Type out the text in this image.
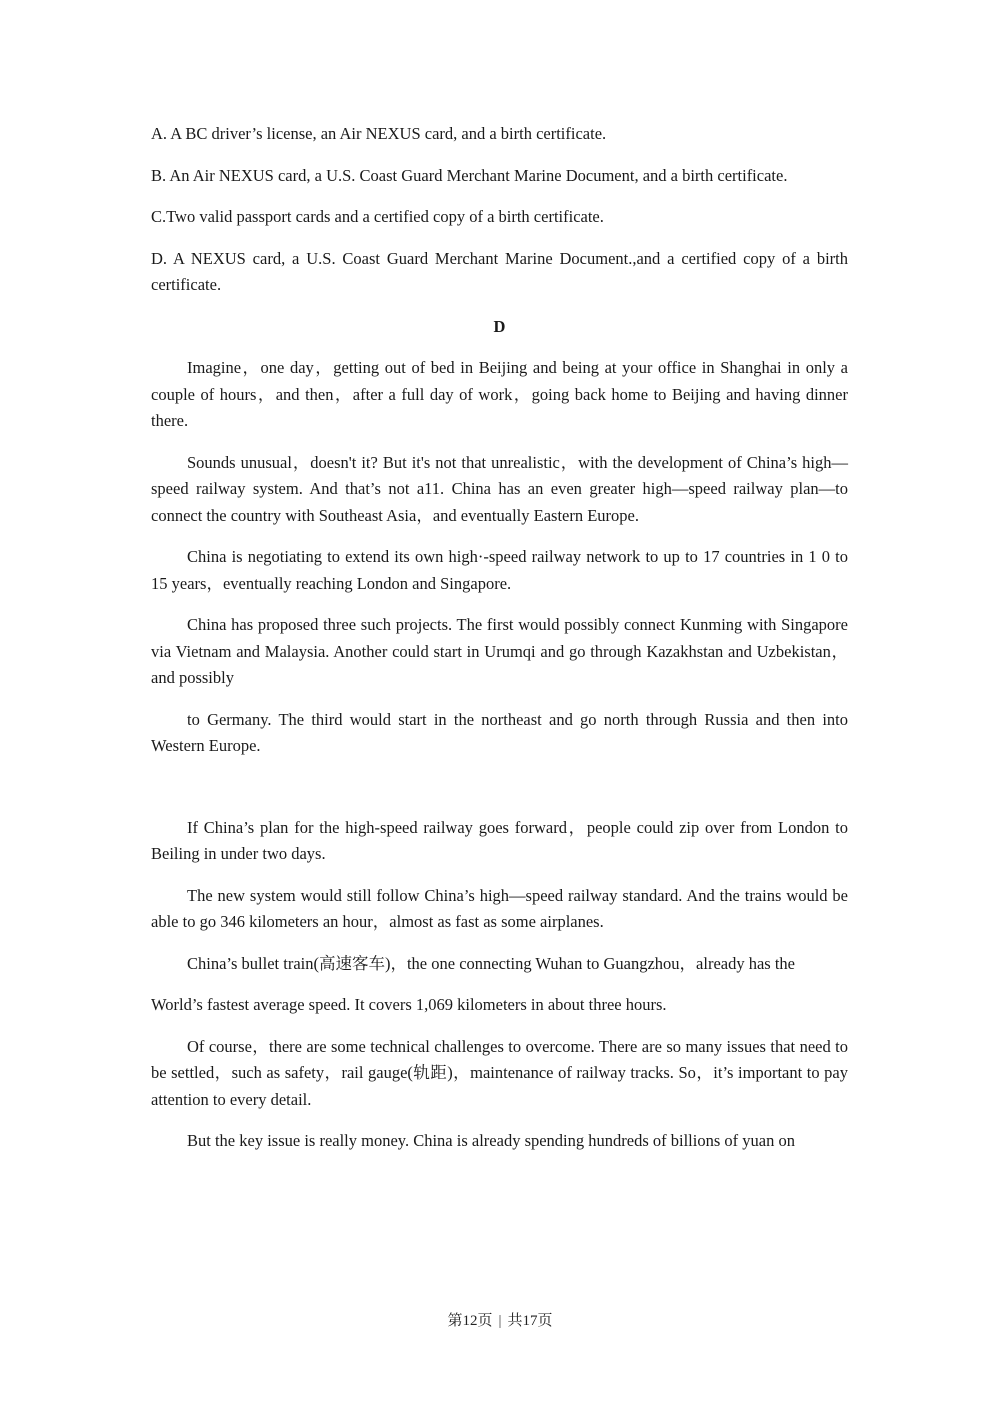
A. A BC driver’s license, an Air NEXUS card, and a birth certificate.

B. An Air NEXUS card, a U.S. Coast Guard Merchant Marine Document, and a birth certificate.

C.Two valid passport cards and a certified copy of a birth certificate.

D. A NEXUS card, a U.S. Coast Guard Merchant Marine Document.,and a certified copy of a birth certificate.

D

Imagine，one day，getting out of bed in Beijing and being at your office in Shanghai in only a couple of hours，and then，after a full day of work，going back home to Beijing and having dinner there.

Sounds unusual，doesn't it? But it's not that unrealistic，with the development of China’s high—speed railway system. And that’s not a11. China has an even greater high—speed railway plan—to connect the country with Southeast Asia，and eventually Eastern Europe.

China is negotiating to extend its own high·-speed railway network to up to 17 countries in 1 0 to 15 years，eventually reaching London and Singapore.

China has proposed three such projects. The first would possibly connect Kunming with Singapore via Vietnam and Malaysia. Another could start in Urumqi and go through Kazakhstan and Uzbekistan，and possibly

to Germany. The third would start in the northeast and go north through Russia and then into Western Europe.

If China’s plan for the high-speed railway goes forward，people could zip over from London to Beiling in under two days.

The new system would still follow China’s high—speed railway standard. And the trains would be able to go 346 kilometers an hour，almost as fast as some airplanes.

China’s bullet train(高速客车)，the one connecting Wuhan to Guangzhou，already has the

World’s fastest average speed. It covers 1,069 kilometers in about three hours.

Of course，there are some technical challenges to overcome. There are so many issues that need to be settled，such as safety，rail gauge(轨距)，maintenance of railway tracks. So，it’s important to pay attention to every detail.

But the key issue is really money. China is already spending hundreds of billions of yuan on

第12页 | 共17页
